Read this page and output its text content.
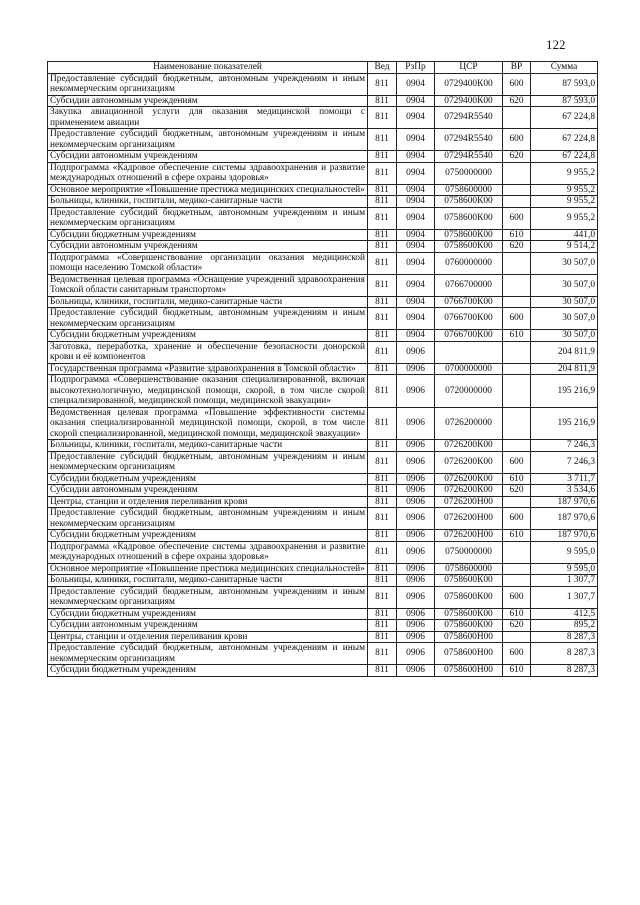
122
Наименование показателей	Вед	РзПр	ЦСР	ВР	Сумма
Предоставление субсидий бюджетным, автономным учреждениям и иным некоммерческим организациям	811	0904	0729400К00	600	87 593,0
Субсидии автономным учреждениям	811	0904	0729400К00	620	87 593,0
Закупка авиационной услуги для оказания медицинской помощи с применением авиации	811	0904	07294R5540		67 224,8
Предоставление субсидий бюджетным, автономным учреждениям и иным некоммерческим организациям	811	0904	07294R5540	600	67 224,8
Субсидии автономным учреждениям	811	0904	07294R5540	620	67 224,8
Подпрограмма «Кадровое обеспечение системы здравоохранения и развитие международных отношений в сфере охраны здоровья»	811	0904	0750000000		9 955,2
Основное мероприятие «Повышение престижа медицинских специальностей»	811	0904	0758600000		9 955,2
Больницы, клиники, госпитали, медико-санитарные части	811	0904	0758600К00		9 955,2
Предоставление субсидий бюджетным, автономным учреждениям и иным некоммерческим организациям	811	0904	0758600К00	600	9 955,2
Субсидии бюджетным учреждениям	811	0904	0758600К00	610	441,0
Субсидии автономным учреждениям	811	0904	0758600К00	620	9 514,2
Подпрограмма «Совершенствование организации оказания медицинской помощи населению Томской области»	811	0904	0760000000		30 507,0
Ведомственная целевая программа «Оснащение учреждений здравоохранения Томской области санитарным транспортом»	811	0904	0766700000		30 507,0
Больницы, клиники, госпитали, медико-санитарные части	811	0904	0766700К00		30 507,0
Предоставление субсидий бюджетным, автономным учреждениям и иным некоммерческим организациям	811	0904	0766700К00	600	30 507,0
Субсидии бюджетным учреждениям	811	0904	0766700К00	610	30 507,0
Заготовка, переработка, хранение и обеспечение безопасности донорской крови и её компонентов	811	0906			204 811,9
Государственная программа «Развитие здравоохранения в Томской области»	811	0906	0700000000		204 811,9
Подпрограмма «Совершенствование оказания специализированной, включая высокотехнологичную, медицинской помощи, скорой, в том числе скорой специализированной, медицинской помощи, медицинской эвакуации»	811	0906	0720000000		195 216,9
Ведомственная целевая программа «Повышение эффективности системы оказания специализированной медицинской помощи, скорой, в том числе скорой специализированной, медицинской помощи, медицинской эвакуации»	811	0906	0726200000		195 216,9
Больницы, клиники, госпитали, медико-санитарные части	811	0906	0726200К00		7 246,3
Предоставление субсидий бюджетным, автономным учреждениям и иным некоммерческим организациям	811	0906	0726200К00	600	7 246,3
Субсидии бюджетным учреждениям	811	0906	0726200К00	610	3 711,7
Субсидии автономным учреждениям	811	0906	0726200К00	620	3 534,6
Центры, станции и отделения переливания крови	811	0906	0726200Н00		187 970,6
Предоставление субсидий бюджетным, автономным учреждениям и иным некоммерческим организациям	811	0906	0726200Н00	600	187 970,6
Субсидии бюджетным учреждениям	811	0906	0726200Н00	610	187 970,6
Подпрограмма «Кадровое обеспечение системы здравоохранения и развитие международных отношений в сфере охраны здоровья»	811	0906	0750000000		9 595,0
Основное мероприятие «Повышение престижа медицинских специальностей»	811	0906	0758600000		9 595,0
Больницы, клиники, госпитали, медико-санитарные части	811	0906	0758600К00		1 307,7
Предоставление субсидий бюджетным, автономным учреждениям и иным некоммерческим организациям	811	0906	0758600К00	600	1 307,7
Субсидии бюджетным учреждениям	811	0906	0758600К00	610	412,5
Субсидии автономным учреждениям	811	0906	0758600К00	620	895,2
Центры, станции и отделения переливания крови	811	0906	0758600Н00		8 287,3
Предоставление субсидий бюджетным, автономным учреждениям и иным некоммерческим организациям	811	0906	0758600Н00	600	8 287,3
Субсидии бюджетным учреждениям	811	0906	0758600Н00	610	8 287,3
